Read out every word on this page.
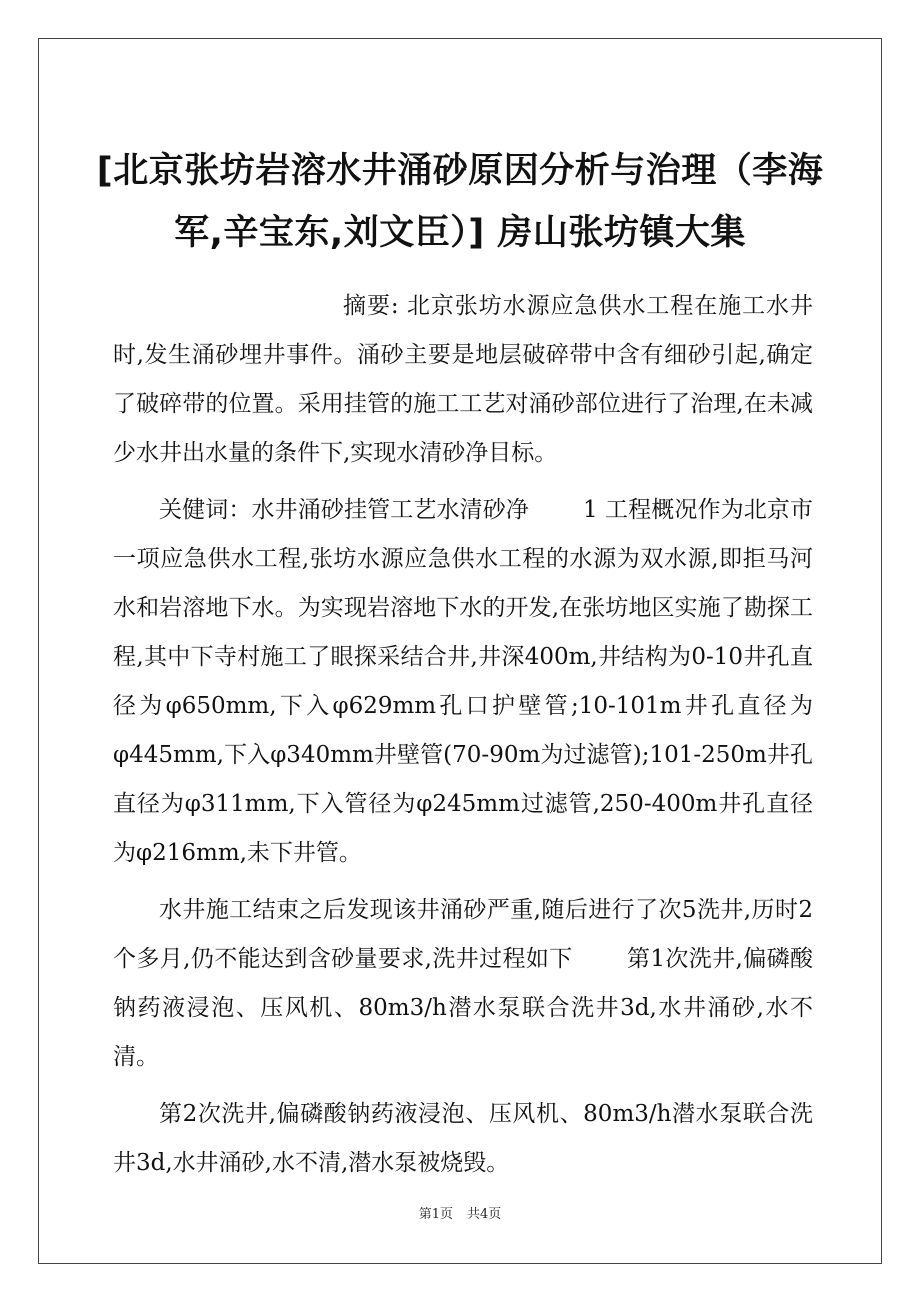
[北京张坊岩溶水井涌砂原因分析与治理（李海
军,辛宝东,刘文臣）] 房山张坊镇大集

摘要: 北京张坊水源应急供水工程在施工水井时,发生涌砂埋井事件。涌砂主要是地层破碎带中含有细砂引起,确定了破碎带的位置。采用挂管的施工工艺对涌砂部位进行了治理,在未减少水井出水量的条件下,实现水清砂净目标。

关健词：水井涌砂挂管工艺水清砂净 1 工程概况作为北京市一项应急供水工程,张坊水源应急供水工程的水源为双水源,即拒马河水和岩溶地下水。为实现岩溶地下水的开发,在张坊地区实施了勘探工程,其中下寺村施工了眼探采结合井,井深400m,井结构为0-10井孔直径为φ650mm,下入φ629mm孔口护壁管;10-101m井孔直径为φ445mm,下入φ340mm井壁管(70-90m为过滤管);101-250m井孔直径为φ311mm,下入管径为φ245mm过滤管,250-400m井孔直径为φ216mm,未下井管。

水井施工结束之后发现该井涌砂严重,随后进行了次5洗井,历时2个多月,仍不能达到含砂量要求,洗井过程如下 第1次洗井,偏磷酸钠药液浸泡、压风机、80m3/h潜水泵联合洗井3d,水井涌砂,水不清。

第2次洗井,偏磷酸钠药液浸泡、压风机、80m3/h潜水泵联合洗井3d,水井涌砂,水不清,潜水泵被烧毁。

第1页 共4页
